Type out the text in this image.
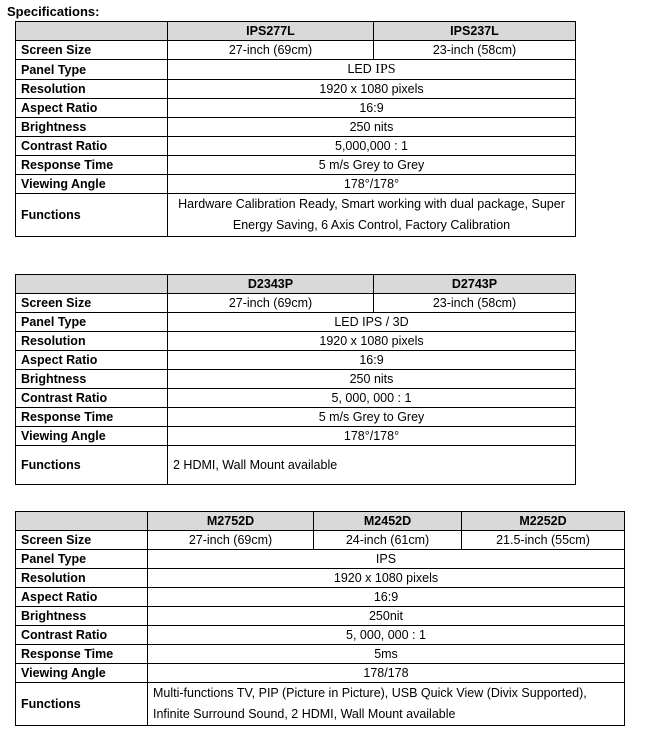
Specifications:
	IPS277L	IPS237L
Screen Size	27-inch (69cm)	23-inch (58cm)
Panel Type	LED IPS	
Resolution	1920 x 1080 pixels	
Aspect Ratio	16:9	
Brightness	250 nits	
Contrast Ratio	5,000,000 : 1	
Response Time	5 m/s Grey to Grey	
Viewing Angle	178°/178°	
Functions	Hardware Calibration Ready, Smart working with dual package, Super Energy Saving, 6 Axis Control, Factory Calibration	
	D2343P	D2743P
Screen Size	27-inch (69cm)	23-inch (58cm)
Panel Type	LED IPS / 3D	
Resolution	1920 x 1080 pixels	
Aspect Ratio	16:9	
Brightness	250 nits	
Contrast Ratio	5, 000, 000 : 1	
Response Time	5 m/s Grey to Grey	
Viewing Angle	178°/178°	
Functions	2 HDMI, Wall Mount available	
	M2752D	M2452D	M2252D
Screen Size	27-inch (69cm)	24-inch (61cm)	21.5-inch (55cm)
Panel Type	IPS		
Resolution	1920 x 1080 pixels		
Aspect Ratio	16:9		
Brightness	250nit		
Contrast Ratio	5, 000, 000 : 1		
Response Time	5ms		
Viewing Angle	178/178		
Functions	Multi-functions TV, PIP (Picture in Picture), USB Quick View (Divix Supported), Infinite Surround Sound, 2 HDMI, Wall Mount available		
